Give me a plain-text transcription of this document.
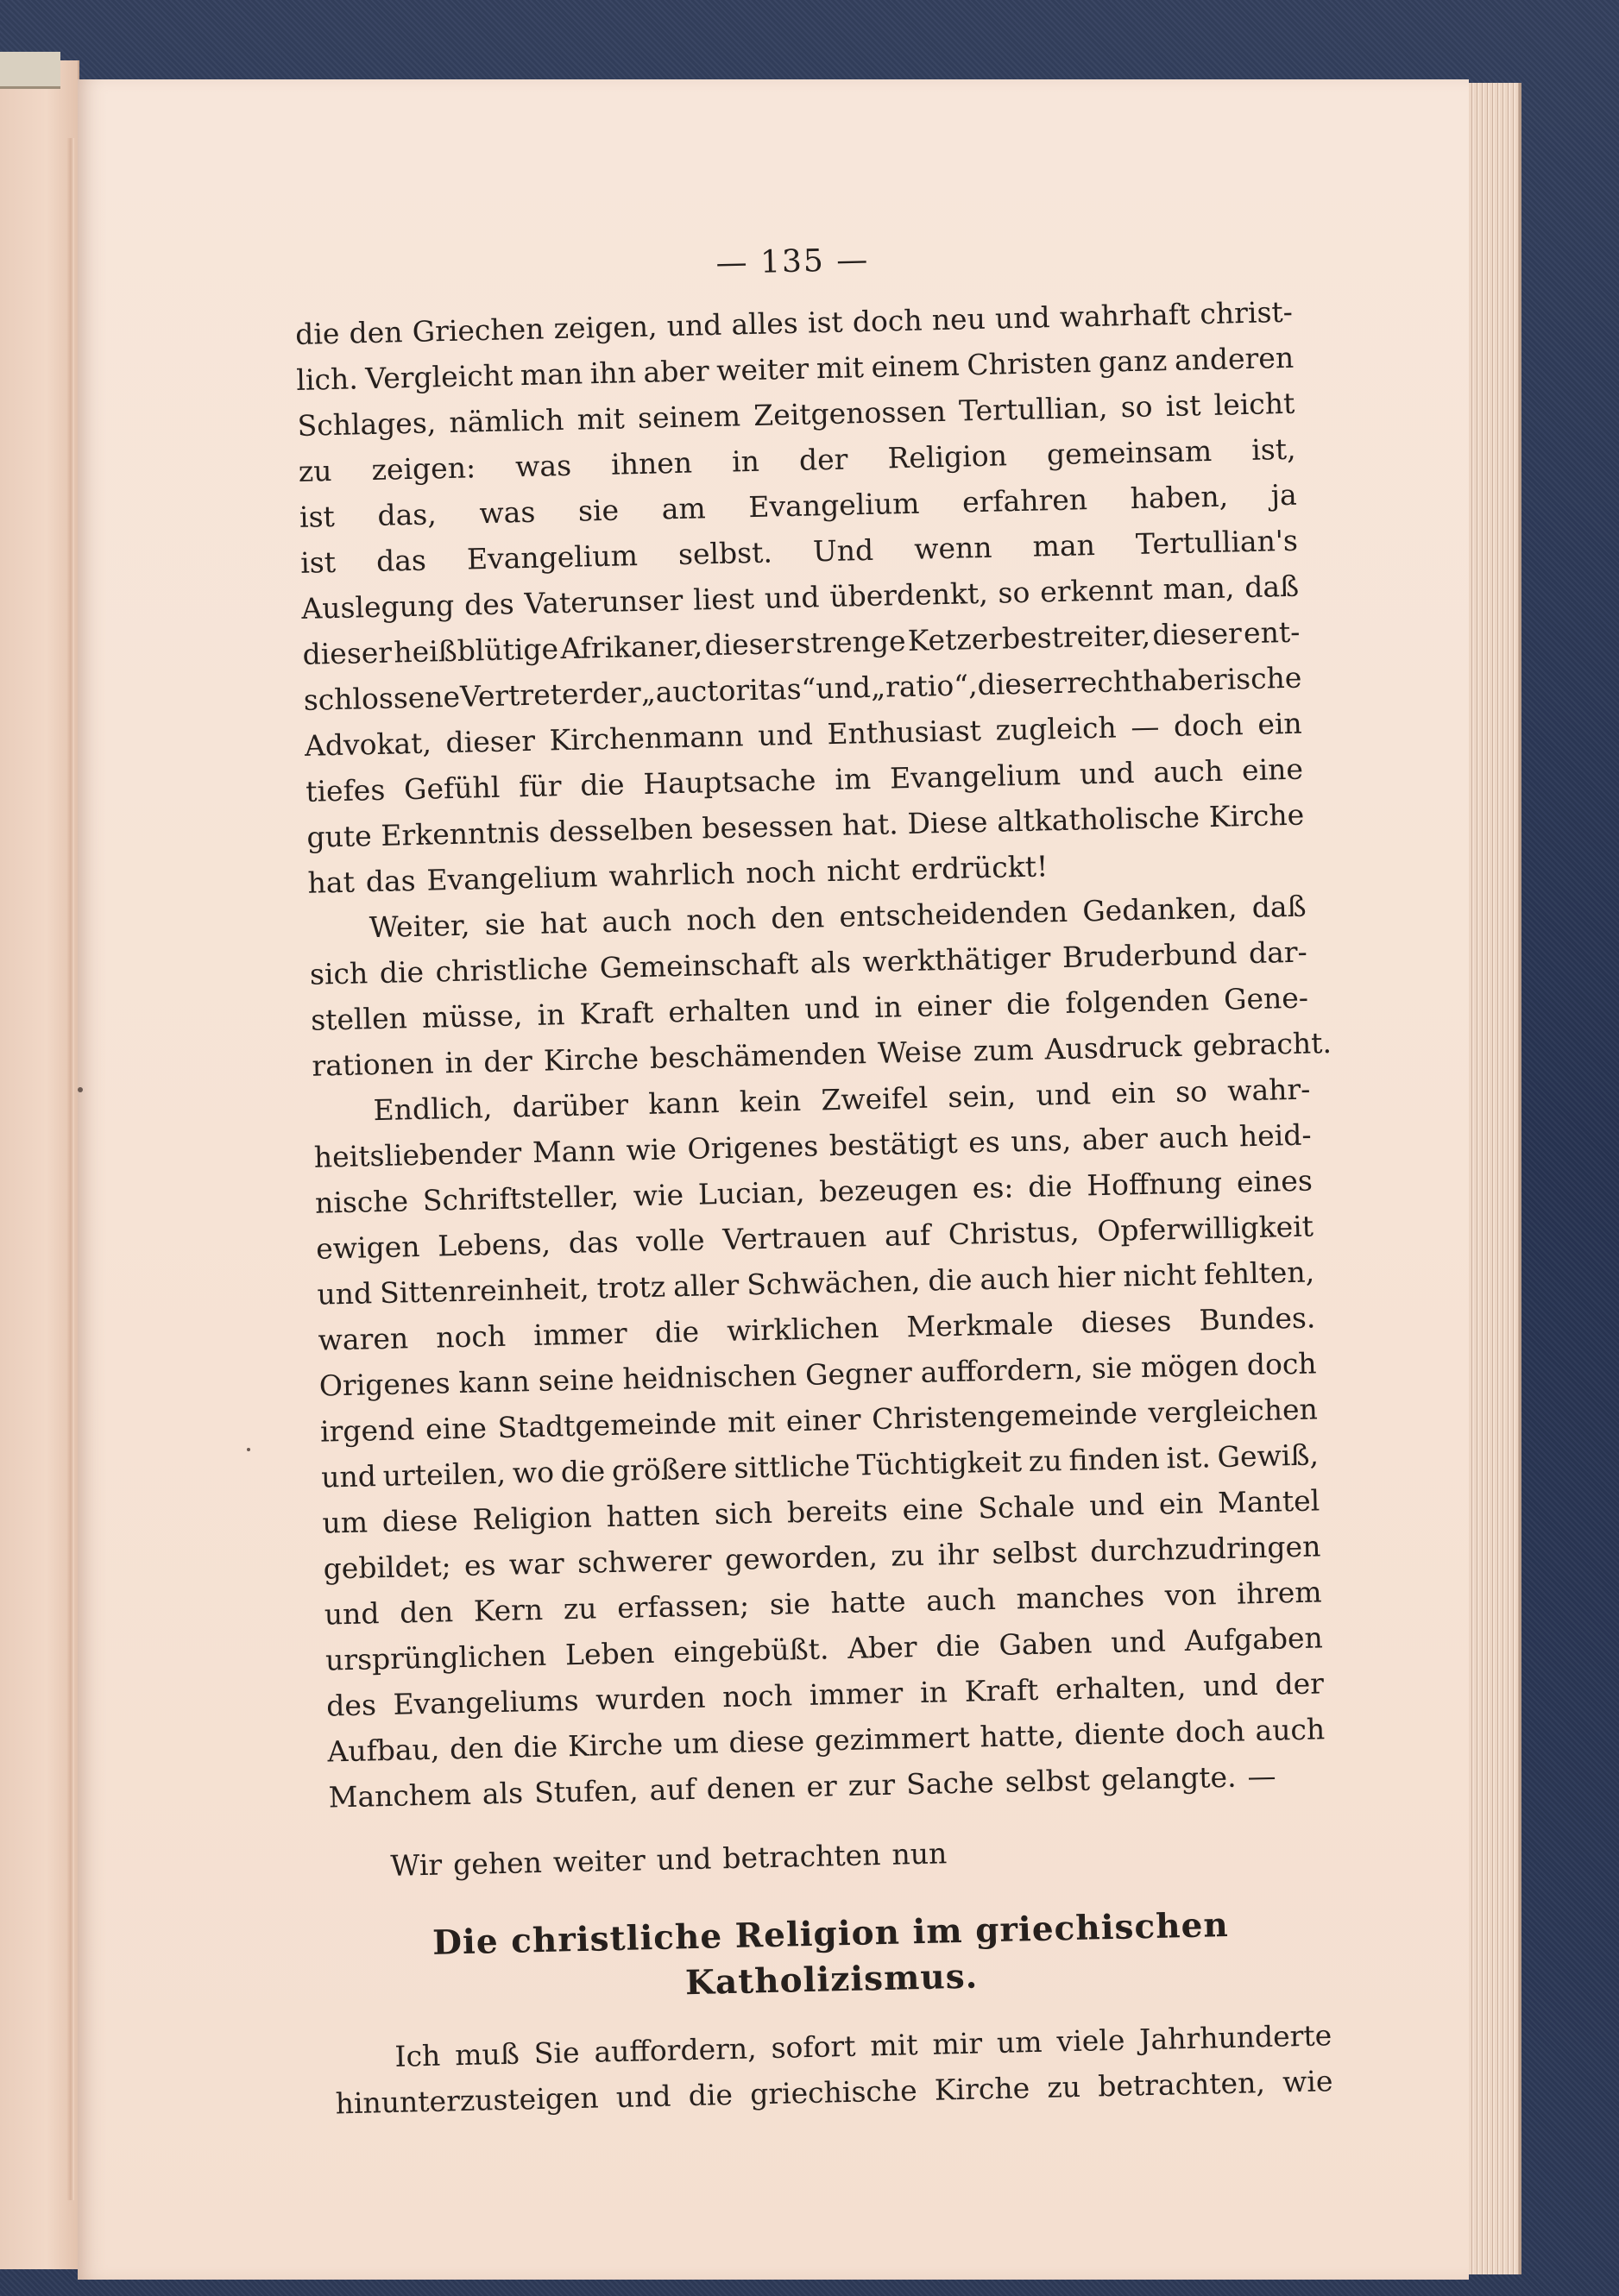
— 135 —
die den Griechen zeigen, und alles ist doch neu und wahrhaft christ-
lich. Vergleicht man ihn aber weiter mit einem Christen ganz anderen
Schlages, nämlich mit seinem Zeitgenossen Tertullian, so ist leicht
zu zeigen: was ihnen in der Religion gemeinsam ist,
ist das, was sie am Evangelium erfahren haben, ja
ist das Evangelium selbst. Und wenn man Tertullian's
Auslegung des Vaterunser liest und überdenkt, so erkennt man, daß
dieser heißblütige Afrikaner, dieser strenge Ketzerbestreiter, dieser ent-
schlossene Vertreter der „auctoritas“ und „ratio“, dieser rechthaberische
Advokat, dieser Kirchenmann und Enthusiast zugleich — doch ein
tiefes Gefühl für die Hauptsache im Evangelium und auch eine
gute Erkenntnis desselben besessen hat. Diese altkatholische Kirche
hat das Evangelium wahrlich noch nicht erdrückt!
Weiter, sie hat auch noch den entscheidenden Gedanken, daß
sich die christliche Gemeinschaft als werkthätiger Bruderbund dar-
stellen müsse, in Kraft erhalten und in einer die folgenden Gene-
rationen in der Kirche beschämenden Weise zum Ausdruck gebracht.
Endlich, darüber kann kein Zweifel sein, und ein so wahr-
heitsliebender Mann wie Origenes bestätigt es uns, aber auch heid-
nische Schriftsteller, wie Lucian, bezeugen es: die Hoffnung eines
ewigen Lebens, das volle Vertrauen auf Christus, Opferwilligkeit
und Sittenreinheit, trotz aller Schwächen, die auch hier nicht fehlten,
waren noch immer die wirklichen Merkmale dieses Bundes.
Origenes kann seine heidnischen Gegner auffordern, sie mögen doch
irgend eine Stadtgemeinde mit einer Christengemeinde vergleichen
und urteilen, wo die größere sittliche Tüchtigkeit zu finden ist. Gewiß,
um diese Religion hatten sich bereits eine Schale und ein Mantel
gebildet; es war schwerer geworden, zu ihr selbst durchzudringen
und den Kern zu erfassen; sie hatte auch manches von ihrem
ursprünglichen Leben eingebüßt. Aber die Gaben und Aufgaben
des Evangeliums wurden noch immer in Kraft erhalten, und der
Aufbau, den die Kirche um diese gezimmert hatte, diente doch auch
Manchem als Stufen, auf denen er zur Sache selbst gelangte. —
Wir gehen weiter und betrachten nun
Die christliche Religion im griechischen Katholizismus.
Ich muß Sie auffordern, sofort mit mir um viele Jahrhunderte
hinunterzusteigen und die griechische Kirche zu betrachten, wie
